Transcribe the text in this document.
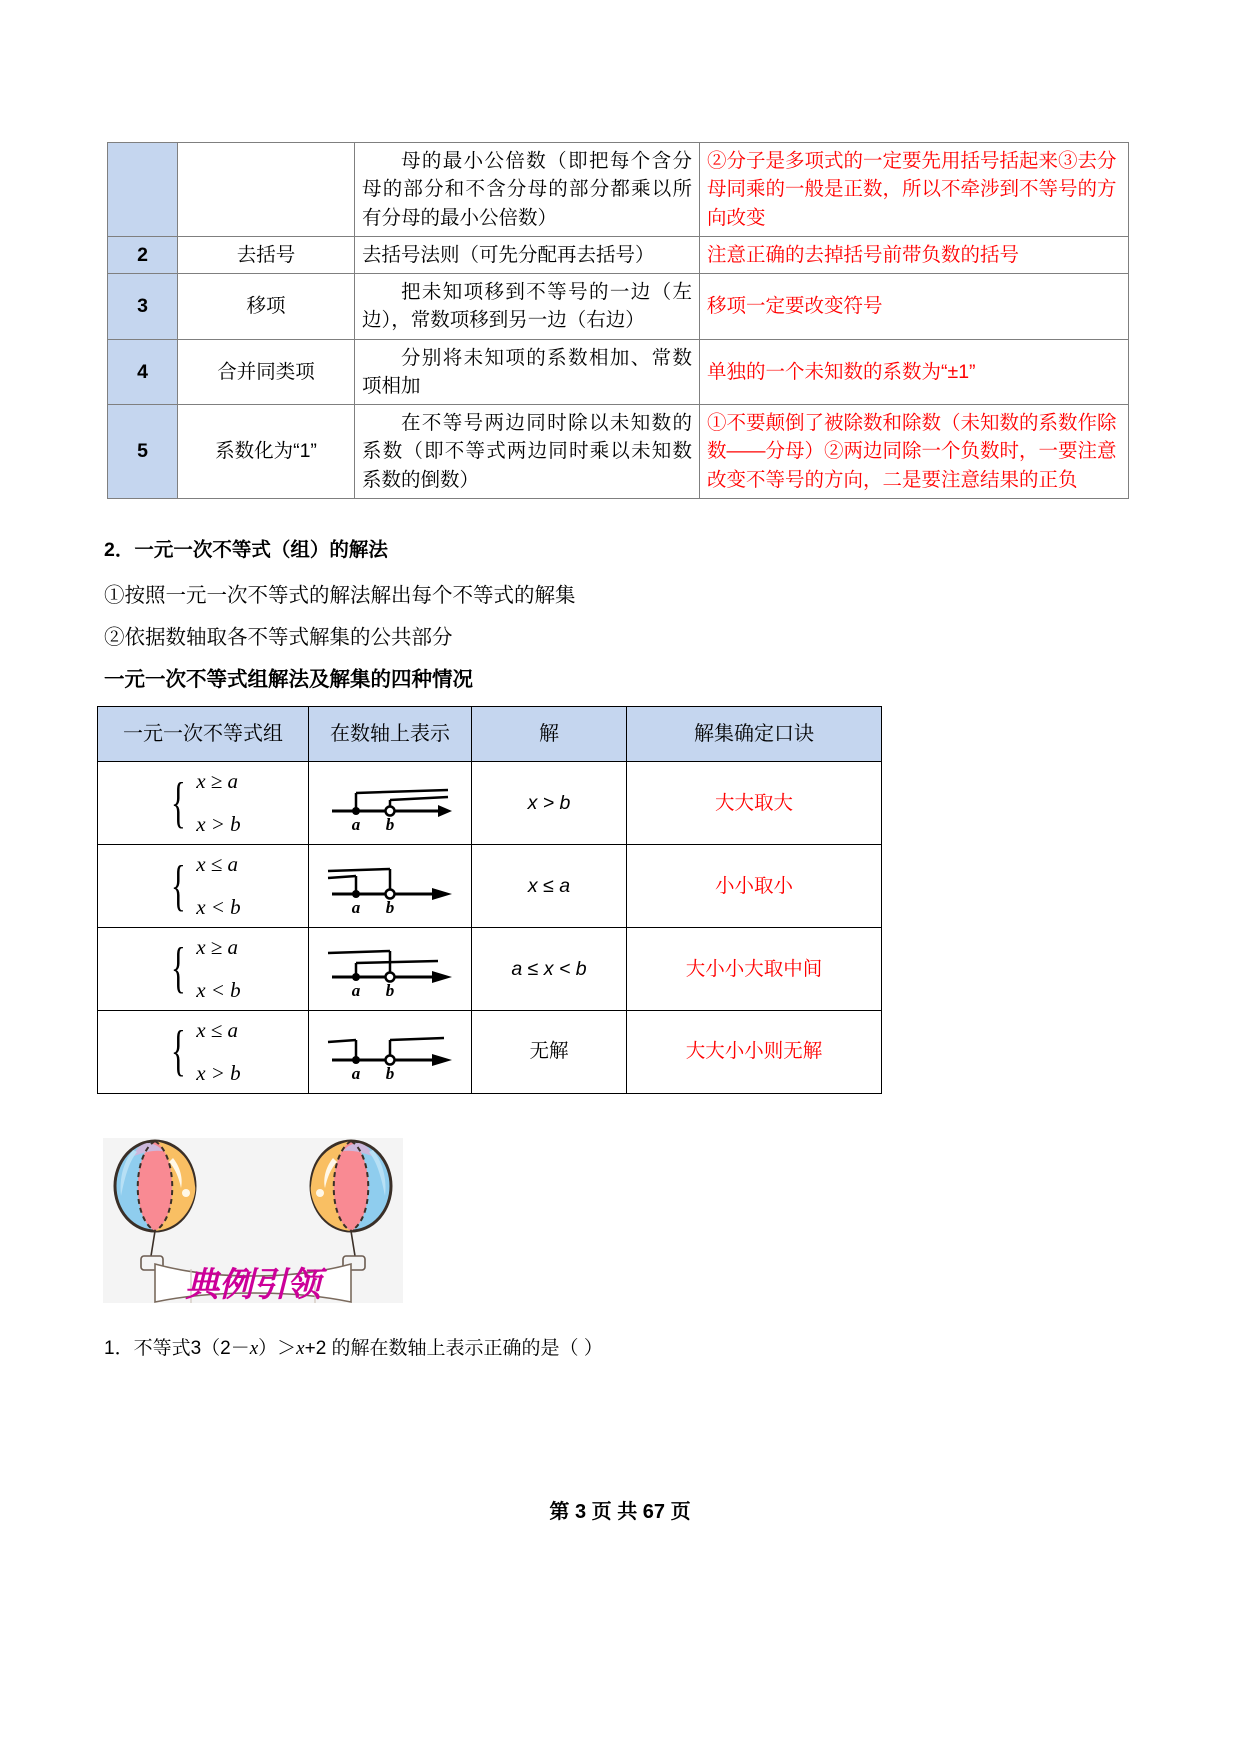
		母的最小公倍数（即把每个含分母的部分和不含分母的部分都乘以所有分母的最小公倍数）	②分子是多项式的一定要先用括号括起来③去分母同乘的一般是正数，所以不牵涉到不等号的方向改变
2	去括号	去括号法则（可先分配再去括号）	注意正确的去掉括号前带负数的括号
3	移项	把未知项移到不等号的一边（左边），常数项移到另一边（右边）	移项一定要改变符号
4	合并同类项	分别将未知项的系数相加、常数项相加	单独的一个未知数的系数为“±1”
5	系数化为“1”	在不等号两边同时除以未知数的系数（即不等式两边同时乘以未知数系数的倒数）	①不要颠倒了被除数和除数（未知数的系数作除数——分母）②两边同除一个负数时，一要注意改变不等号的方向，二是要注意结果的正负
2．一元一次不等式（组）的解法
①按照一元一次不等式的解法解出每个不等式的解集
②依据数轴取各不等式解集的公共部分
一元一次不等式组解法及解集的四种情况
一元一次不等式组	在数轴上表示	解	解集确定口诀

{ x ≥ a
x > b	a b	x > b	大大取大

{ x ≤ a
x < b	a b	x ≤ a	小小取小

{ x ≥ a
x < b	a b	a ≤ x < b	大小小大取中间

{ x ≤ a
x > b	a b	无解	大大小小则无解
典例引领
1．不等式3（2－x）＞x+2 的解在数轴上表示正确的是（ ）
第 3 页 共 67 页
